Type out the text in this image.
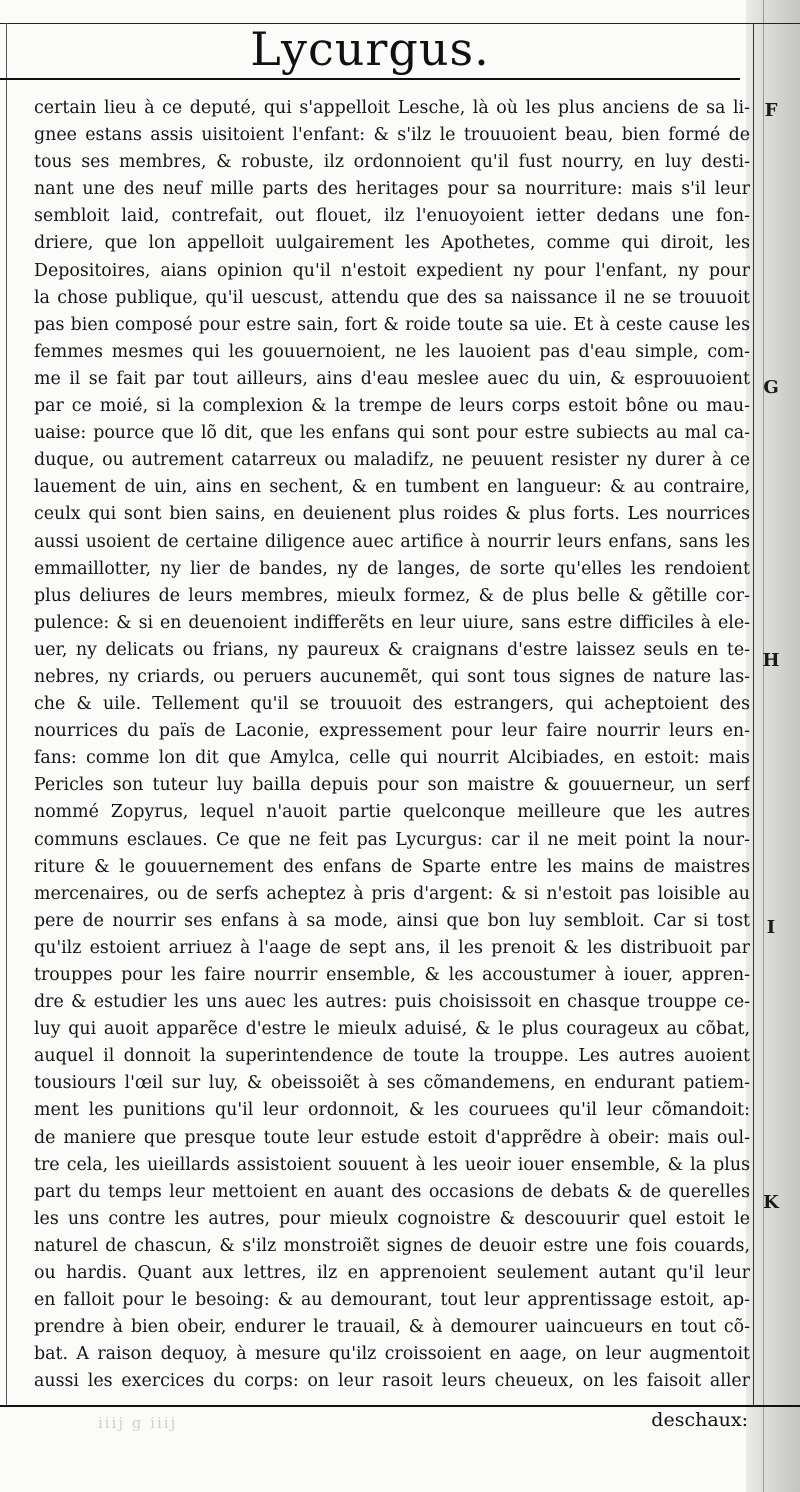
Lycurgus.
certain lieu à ce deputé, qui s'appelloit Lesche, là où les plus anciens de sa li-
gnee estans assis uisitoient l'enfant: & s'ilz le trouuoient beau, bien formé de
tous ses membres, & robuste, ilz ordonnoient qu'il fust nourry, en luy desti-
nant une des neuf mille parts des heritages pour sa nourriture: mais s'il leur
sembloit laid, contrefait, out flouet, ilz l'enuoyoient ietter dedans une fon-
driere, que lon appelloit uulgairement les Apothetes, comme qui diroit, les
Depositoires, aians opinion qu'il n'estoit expedient ny pour l'enfant, ny pour
la chose publique, qu'il uescust, attendu que des sa naissance il ne se trouuoit
pas bien composé pour estre sain, fort & roide toute sa uie. Et à ceste cause les
femmes mesmes qui les gouuernoient, ne les lauoient pas d'eau simple, com-
me il se fait par tout ailleurs, ains d'eau meslee auec du uin, & esprouuoient
par ce moié, si la complexion & la trempe de leurs corps estoit bône ou mau-
uaise: pource que lõ dit, que les enfans qui sont pour estre subiects au mal ca-
duque, ou autrement catarreux ou maladifz, ne peuuent resister ny durer à ce
lauement de uin, ains en sechent, & en tumbent en langueur: & au contraire,
ceulx qui sont bien sains, en deuienent plus roides & plus forts. Les nourrices
aussi usoient de certaine diligence auec artifice à nourrir leurs enfans, sans les
emmaillotter, ny lier de bandes, ny de langes, de sorte qu'elles les rendoient
plus deliures de leurs membres, mieulx formez, & de plus belle & gẽtille cor-
pulence: & si en deuenoient indifferẽts en leur uiure, sans estre difficiles à ele-
uer, ny delicats ou frians, ny paureux & craignans d'estre laissez seuls en te-
nebres, ny criards, ou peruers aucunemẽt, qui sont tous signes de nature las-
che & uile. Tellement qu'il se trouuoit des estrangers, qui acheptoient des
nourrices du païs de Laconie, expressement pour leur faire nourrir leurs en-
fans: comme lon dit que Amylca, celle qui nourrit Alcibiades, en estoit: mais
Pericles son tuteur luy bailla depuis pour son maistre & gouuerneur, un serf
nommé Zopyrus, lequel n'auoit partie quelconque meilleure que les autres
communs esclaues. Ce que ne feit pas Lycurgus: car il ne meit point la nour-
riture & le gouuernement des enfans de Sparte entre les mains de maistres
mercenaires, ou de serfs acheptez à pris d'argent: & si n'estoit pas loisible au
pere de nourrir ses enfans à sa mode, ainsi que bon luy sembloit. Car si tost
qu'ilz estoient arriuez à l'aage de sept ans, il les prenoit & les distribuoit par
trouppes pour les faire nourrir ensemble, & les accoustumer à iouer, appren-
dre & estudier les uns auec les autres: puis choisissoit en chasque trouppe ce-
luy qui auoit apparẽce d'estre le mieulx aduisé, & le plus courageux au cõbat,
auquel il donnoit la superintendence de toute la trouppe. Les autres auoient
tousiours l'œil sur luy, & obeissoiẽt à ses cõmandemens, en endurant patiem-
ment les punitions qu'il leur ordonnoit, & les couruees qu'il leur cõmandoit:
de maniere que presque toute leur estude estoit d'apprẽdre à obeir: mais oul-
tre cela, les uieillards assistoient souuent à les ueoir iouer ensemble, & la plus
part du temps leur mettoient en auant des occasions de debats & de querelles
les uns contre les autres, pour mieulx cognoistre & descouurir quel estoit le
naturel de chascun, & s'ilz monstroiẽt signes de deuoir estre une fois couards,
ou hardis. Quant aux lettres, ilz en apprenoient seulement autant qu'il leur
en falloit pour le besoing: & au demourant, tout leur apprentissage estoit, ap-
prendre à bien obeir, endurer le trauail, & à demourer uaincueurs en tout cõ-
bat. A raison dequoy, à mesure qu'ilz croissoient en aage, on leur augmentoit
aussi les exercices du corps: on leur rasoit leurs cheueux, on les faisoit aller
F
G
H
I
K
iiij g iiij	deschaux:
